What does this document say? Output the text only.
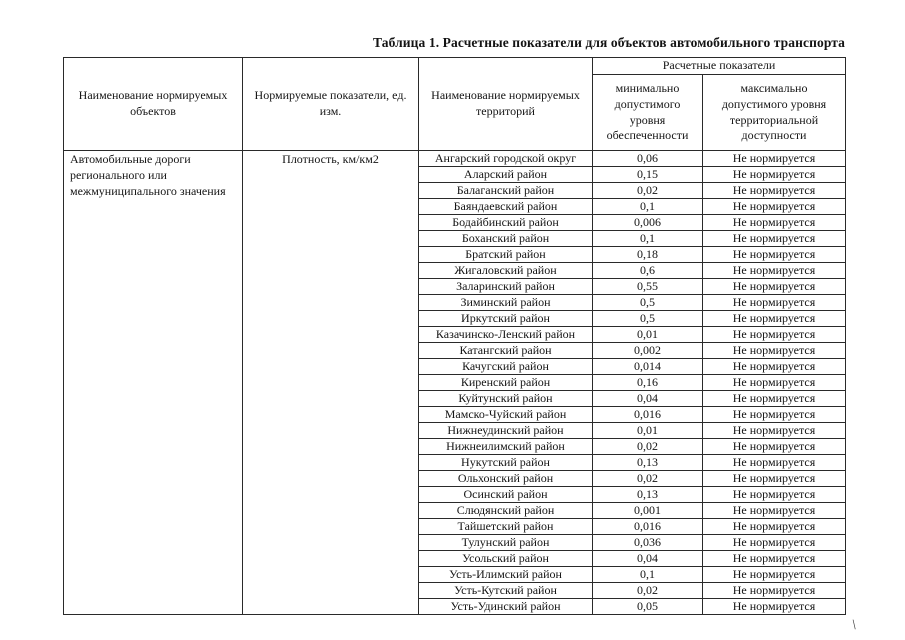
Таблица 1. Расчетные показатели для объектов автомобильного транспорта
Наименование нормируемых объектов	Нормируемые показатели, ед. изм.	Наименование нормируемых территорий	Расчетные показатели	
			минимально допустимого уровня обеспеченности	максимально допустимого уровня территориальной доступности
Автомобильные дороги регионального или межмуниципального значения	Плотность, км/км2	Ангарский городской округ	0,06	Не нормируется
		Аларский район	0,15	Не нормируется
		Балаганский район	0,02	Не нормируется
		Баяндаевский район	0,1	Не нормируется
		Бодайбинский район	0,006	Не нормируется
		Боханский район	0,1	Не нормируется
		Братский район	0,18	Не нормируется
		Жигаловский район	0,6	Не нормируется
		Заларинский район	0,55	Не нормируется
		Зиминский район	0,5	Не нормируется
		Иркутский район	0,5	Не нормируется
		Казачинско-Ленский район	0,01	Не нормируется
		Катангский район	0,002	Не нормируется
		Качугский район	0,014	Не нормируется
		Киренский район	0,16	Не нормируется
		Куйтунский район	0,04	Не нормируется
		Мамско-Чуйский район	0,016	Не нормируется
		Нижнеудинский район	0,01	Не нормируется
		Нижнеилимский район	0,02	Не нормируется
		Нукутский район	0,13	Не нормируется
		Ольхонский район	0,02	Не нормируется
		Осинский район	0,13	Не нормируется
		Слюдянский район	0,001	Не нормируется
		Тайшетский район	0,016	Не нормируется
		Тулунский район	0,036	Не нормируется
		Усольский район	0,04	Не нормируется
		Усть-Илимский район	0,1	Не нормируется
		Усть-Кутский район	0,02	Не нормируется
		Усть-Удинский район	0,05	Не нормируется
\
